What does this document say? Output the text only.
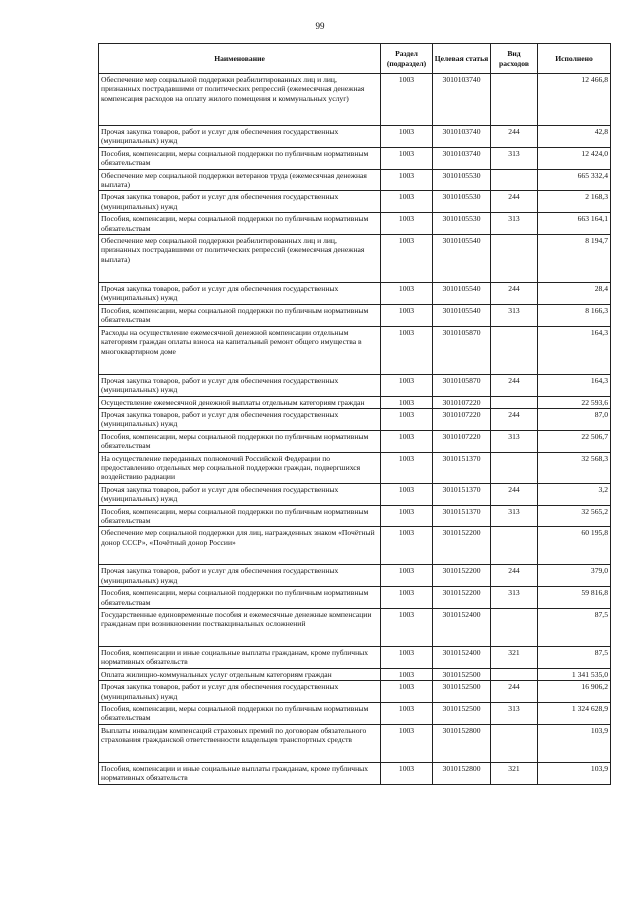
99
Наименование	Раздел (подраздел)	Целевая статья	Вид расходов	Исполнено
Обеспечение мер социальной поддержки реабилитированных лиц и лиц, признанных пострадавшими от политических репрессий (ежемесячная денежная компенсация расходов на оплату жилого помещения и коммунальных услуг)	1003	3010103740		12 466,8
Прочая закупка товаров, работ и услуг для обеспечения государственных (муниципальных) нужд	1003	3010103740	244	42,8
Пособия, компенсации, меры социальной поддержки по публичным нормативным обязательствам	1003	3010103740	313	12 424,0
Обеспечение мер социальной поддержки ветеранов труда (ежемесячная денежная выплата)	1003	3010105530		665 332,4
Прочая закупка товаров, работ и услуг для обеспечения государственных (муниципальных) нужд	1003	3010105530	244	2 168,3
Пособия, компенсации, меры социальной поддержки по публичным нормативным обязательствам	1003	3010105530	313	663 164,1
Обеспечение мер социальной поддержки реабилитированных лиц и лиц, признанных пострадавшими от политических репрессий (ежемесячная денежная выплата)	1003	3010105540		8 194,7
Прочая закупка товаров, работ и услуг для обеспечения государственных (муниципальных) нужд	1003	3010105540	244	28,4
Пособия, компенсации, меры социальной поддержки по публичным нормативным обязательствам	1003	3010105540	313	8 166,3
Расходы на осуществление ежемесячной денежной компенсации отдельным категориям граждан оплаты взноса на капитальный ремонт общего имущества в многоквартирном доме	1003	3010105870		164,3
Прочая закупка товаров, работ и услуг для обеспечения государственных (муниципальных) нужд	1003	3010105870	244	164,3
Осуществление ежемесячной денежной выплаты отдельным категориям граждан	1003	3010107220		22 593,6
Прочая закупка товаров, работ и услуг для обеспечения государственных (муниципальных) нужд	1003	3010107220	244	87,0
Пособия, компенсации, меры социальной поддержки по публичным нормативным обязательствам	1003	3010107220	313	22 506,7
На осуществление переданных полномочий Российской Федерации по предоставлению отдельных мер социальной поддержки граждан, подвергшихся воздействию радиации	1003	3010151370		32 568,3
Прочая закупка товаров, работ и услуг для обеспечения государственных (муниципальных) нужд	1003	3010151370	244	3,2
Пособия, компенсации, меры социальной поддержки по публичным нормативным обязательствам	1003	3010151370	313	32 565,2
Обеспечение мер социальной поддержки для лиц, награжденных знаком «Почётный донор СССР», «Почётный донор России»	1003	3010152200		60 195,8
Прочая закупка товаров, работ и услуг для обеспечения государственных (муниципальных) нужд	1003	3010152200	244	379,0
Пособия, компенсации, меры социальной поддержки по публичным нормативным обязательствам	1003	3010152200	313	59 816,8
Государственные единовременные пособия и ежемесячные денежные компенсации гражданам при возникновении поствакцинальных осложнений	1003	3010152400		87,5
Пособия, компенсации и иные социальные выплаты гражданам, кроме публичных нормативных обязательств	1003	3010152400	321	87,5
Оплата жилищно-коммунальных услуг отдельным категориям граждан	1003	3010152500		1 341 535,0
Прочая закупка товаров, работ и услуг для обеспечения государственных (муниципальных) нужд	1003	3010152500	244	16 906,2
Пособия, компенсации, меры социальной поддержки по публичным нормативным обязательствам	1003	3010152500	313	1 324 628,9
Выплаты инвалидам компенсаций страховых премий по договорам обязательного страхования гражданской ответственности владельцев транспортных средств	1003	3010152800		103,9
Пособия, компенсации и иные социальные выплаты гражданам, кроме публичных нормативных обязательств	1003	3010152800	321	103,9
